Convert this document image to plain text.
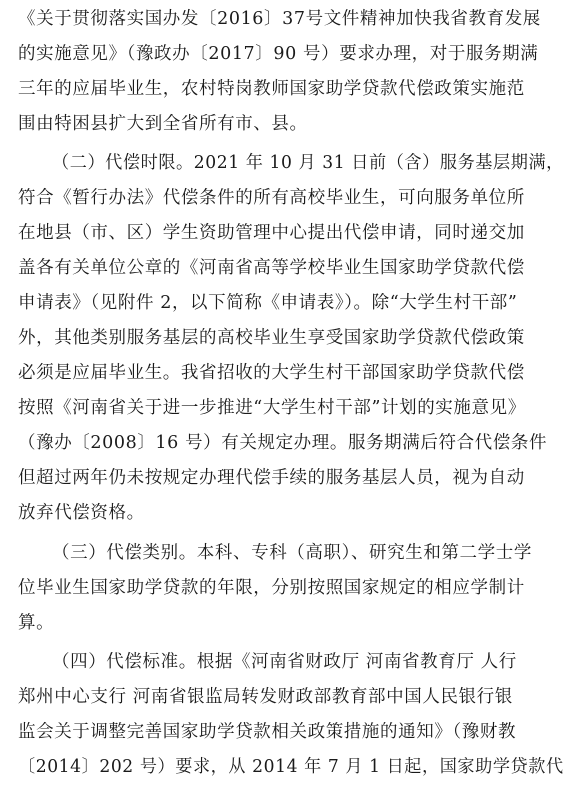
《关于贯彻落实国办发〔2016〕37号文件精神加快我省教育发展
的实施意见》（豫政办〔2017〕90 号）要求办理，对于服务期满
三年的应届毕业生，农村特岗教师国家助学贷款代偿政策实施范
围由特困县扩大到全省所有市、县。
（二）代偿时限。2021 年 10 月 31 日前（含）服务基层期满，
符合《暂行办法》代偿条件的所有高校毕业生，可向服务单位所
在地县（市、区）学生资助管理中心提出代偿申请，同时递交加
盖各有关单位公章的《河南省高等学校毕业生国家助学贷款代偿
申请表》（见附件 2，以下简称《申请表》）。除“大学生村干部”
外，其他类别服务基层的高校毕业生享受国家助学贷款代偿政策
必须是应届毕业生。我省招收的大学生村干部国家助学贷款代偿
按照《河南省关于进一步推进“大学生村干部”计划的实施意见》
（豫办〔2008〕16 号）有关规定办理。服务期满后符合代偿条件
但超过两年仍未按规定办理代偿手续的服务基层人员，视为自动
放弃代偿资格。
（三）代偿类别。本科、专科（高职）、研究生和第二学士学
位毕业生国家助学贷款的年限，分别按照国家规定的相应学制计
算。
（四）代偿标准。根据《河南省财政厅 河南省教育厅 人行
郑州中心支行 河南省银监局转发财政部教育部中国人民银行银
监会关于调整完善国家助学贷款相关政策措施的通知》（豫财教
〔2014〕202 号）要求，从 2014 年 7 月 1 日起，国家助学贷款代
